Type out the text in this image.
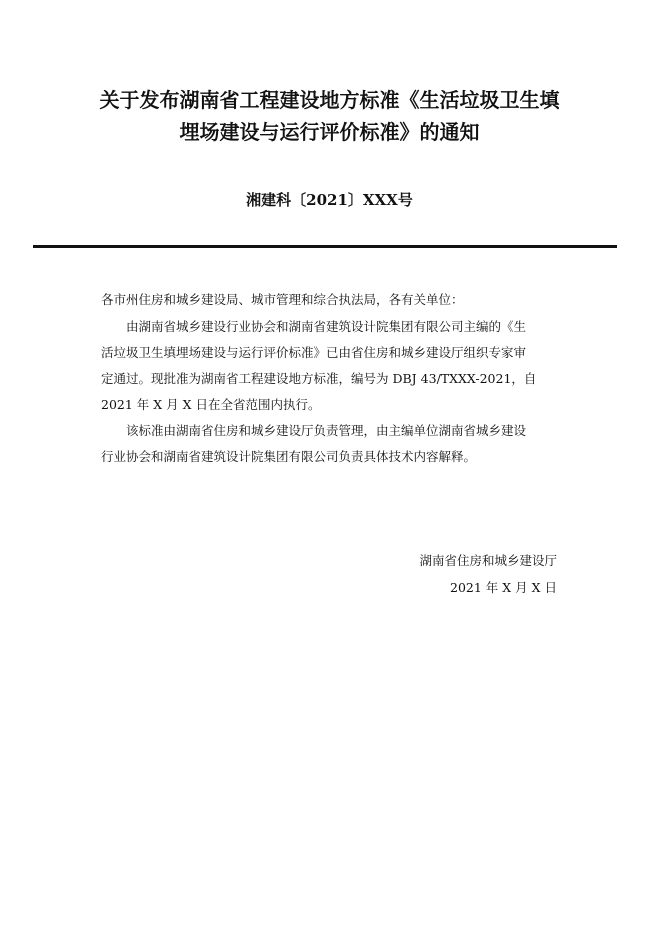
关于发布湖南省工程建设地方标准《生活垃圾卫生填
埋场建设与运行评价标准》的通知
湘建科〔2021〕XXX号
各市州住房和城乡建设局、城市管理和综合执法局，各有关单位：
由湖南省城乡建设行业协会和湖南省建筑设计院集团有限公司主编的《生
活垃圾卫生填埋场建设与运行评价标准》已由省住房和城乡建设厅组织专家审
定通过。现批准为湖南省工程建设地方标准，编号为 DBJ 43/TXXX-2021，自
2021 年 X 月 X 日在全省范围内执行。
该标准由湖南省住房和城乡建设厅负责管理，由主编单位湖南省城乡建设
行业协会和湖南省建筑设计院集团有限公司负责具体技术内容解释。
湖南省住房和城乡建设厅
2021 年 X 月 X 日
